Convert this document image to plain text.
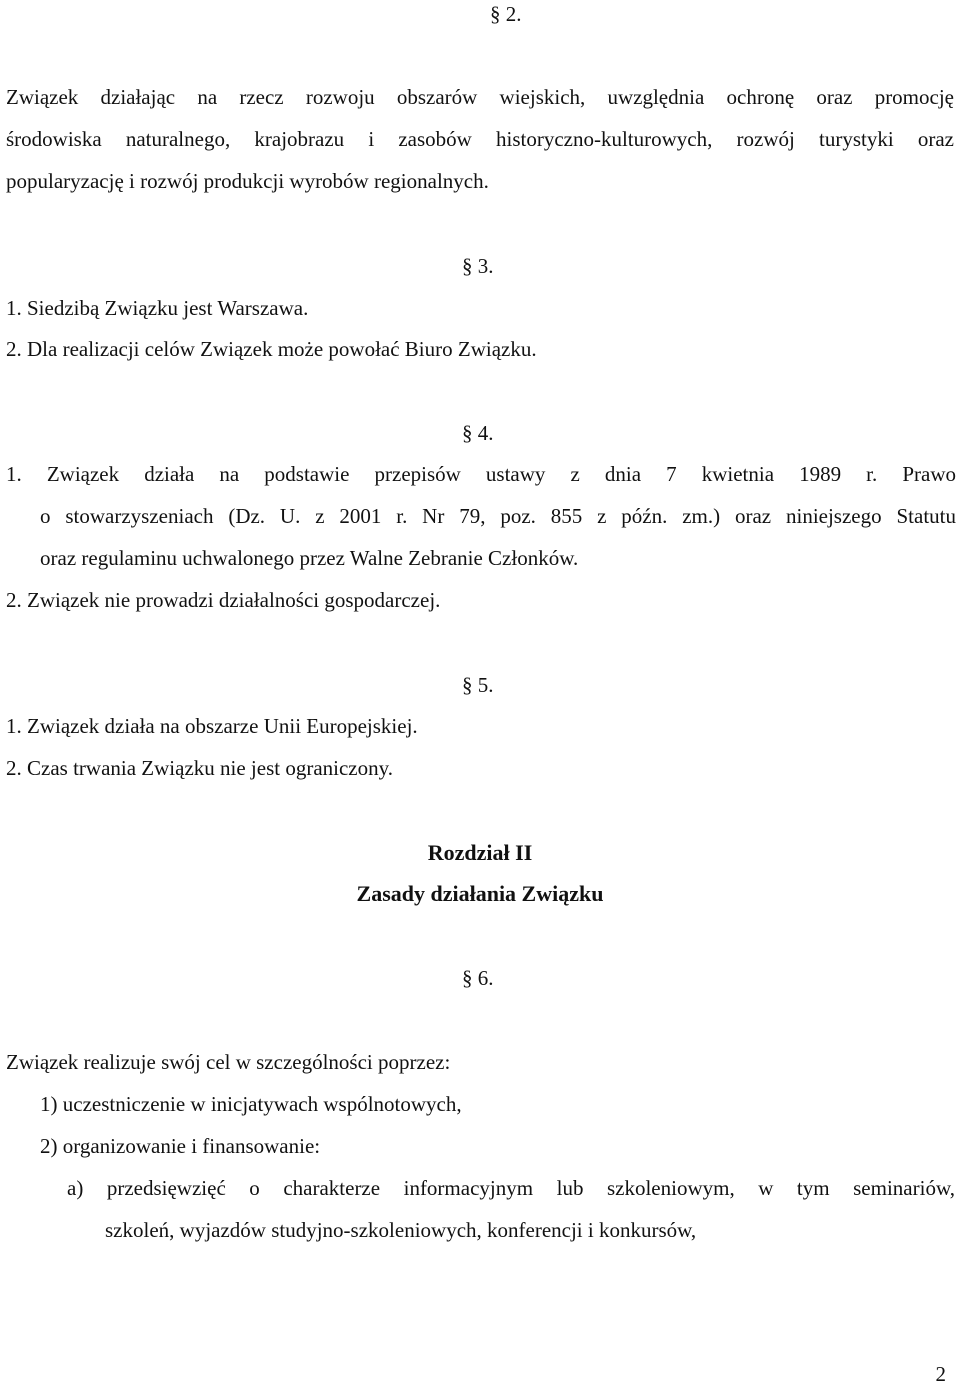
§ 2.
Związek działając na rzecz rozwoju obszarów wiejskich, uwzględnia ochronę oraz promocję
środowiska naturalnego, krajobrazu i zasobów historyczno-kulturowych, rozwój turystyki oraz
popularyzację i rozwój produkcji wyrobów regionalnych.
§ 3.
1. Siedzibą Związku jest Warszawa.
2. Dla realizacji celów Związek może powołać Biuro Związku.
§ 4.
1. Związek działa na podstawie przepisów ustawy z dnia 7 kwietnia 1989 r. Prawo
o stowarzyszeniach (Dz. U. z 2001 r. Nr 79, poz. 855 z późn. zm.) oraz niniejszego Statutu
oraz regulaminu uchwalonego przez Walne Zebranie Członków.
2. Związek nie prowadzi działalności gospodarczej.
§ 5.
1. Związek działa na obszarze Unii Europejskiej.
2. Czas trwania Związku nie jest ograniczony.
Rozdział II
Zasady działania Związku
§ 6.
Związek realizuje swój cel w szczególności poprzez:
1) uczestniczenie w inicjatywach wspólnotowych,
2) organizowanie i finansowanie:
a) przedsięwzięć o charakterze informacyjnym lub szkoleniowym, w tym seminariów,
szkoleń, wyjazdów studyjno-szkoleniowych, konferencji i konkursów,
2
